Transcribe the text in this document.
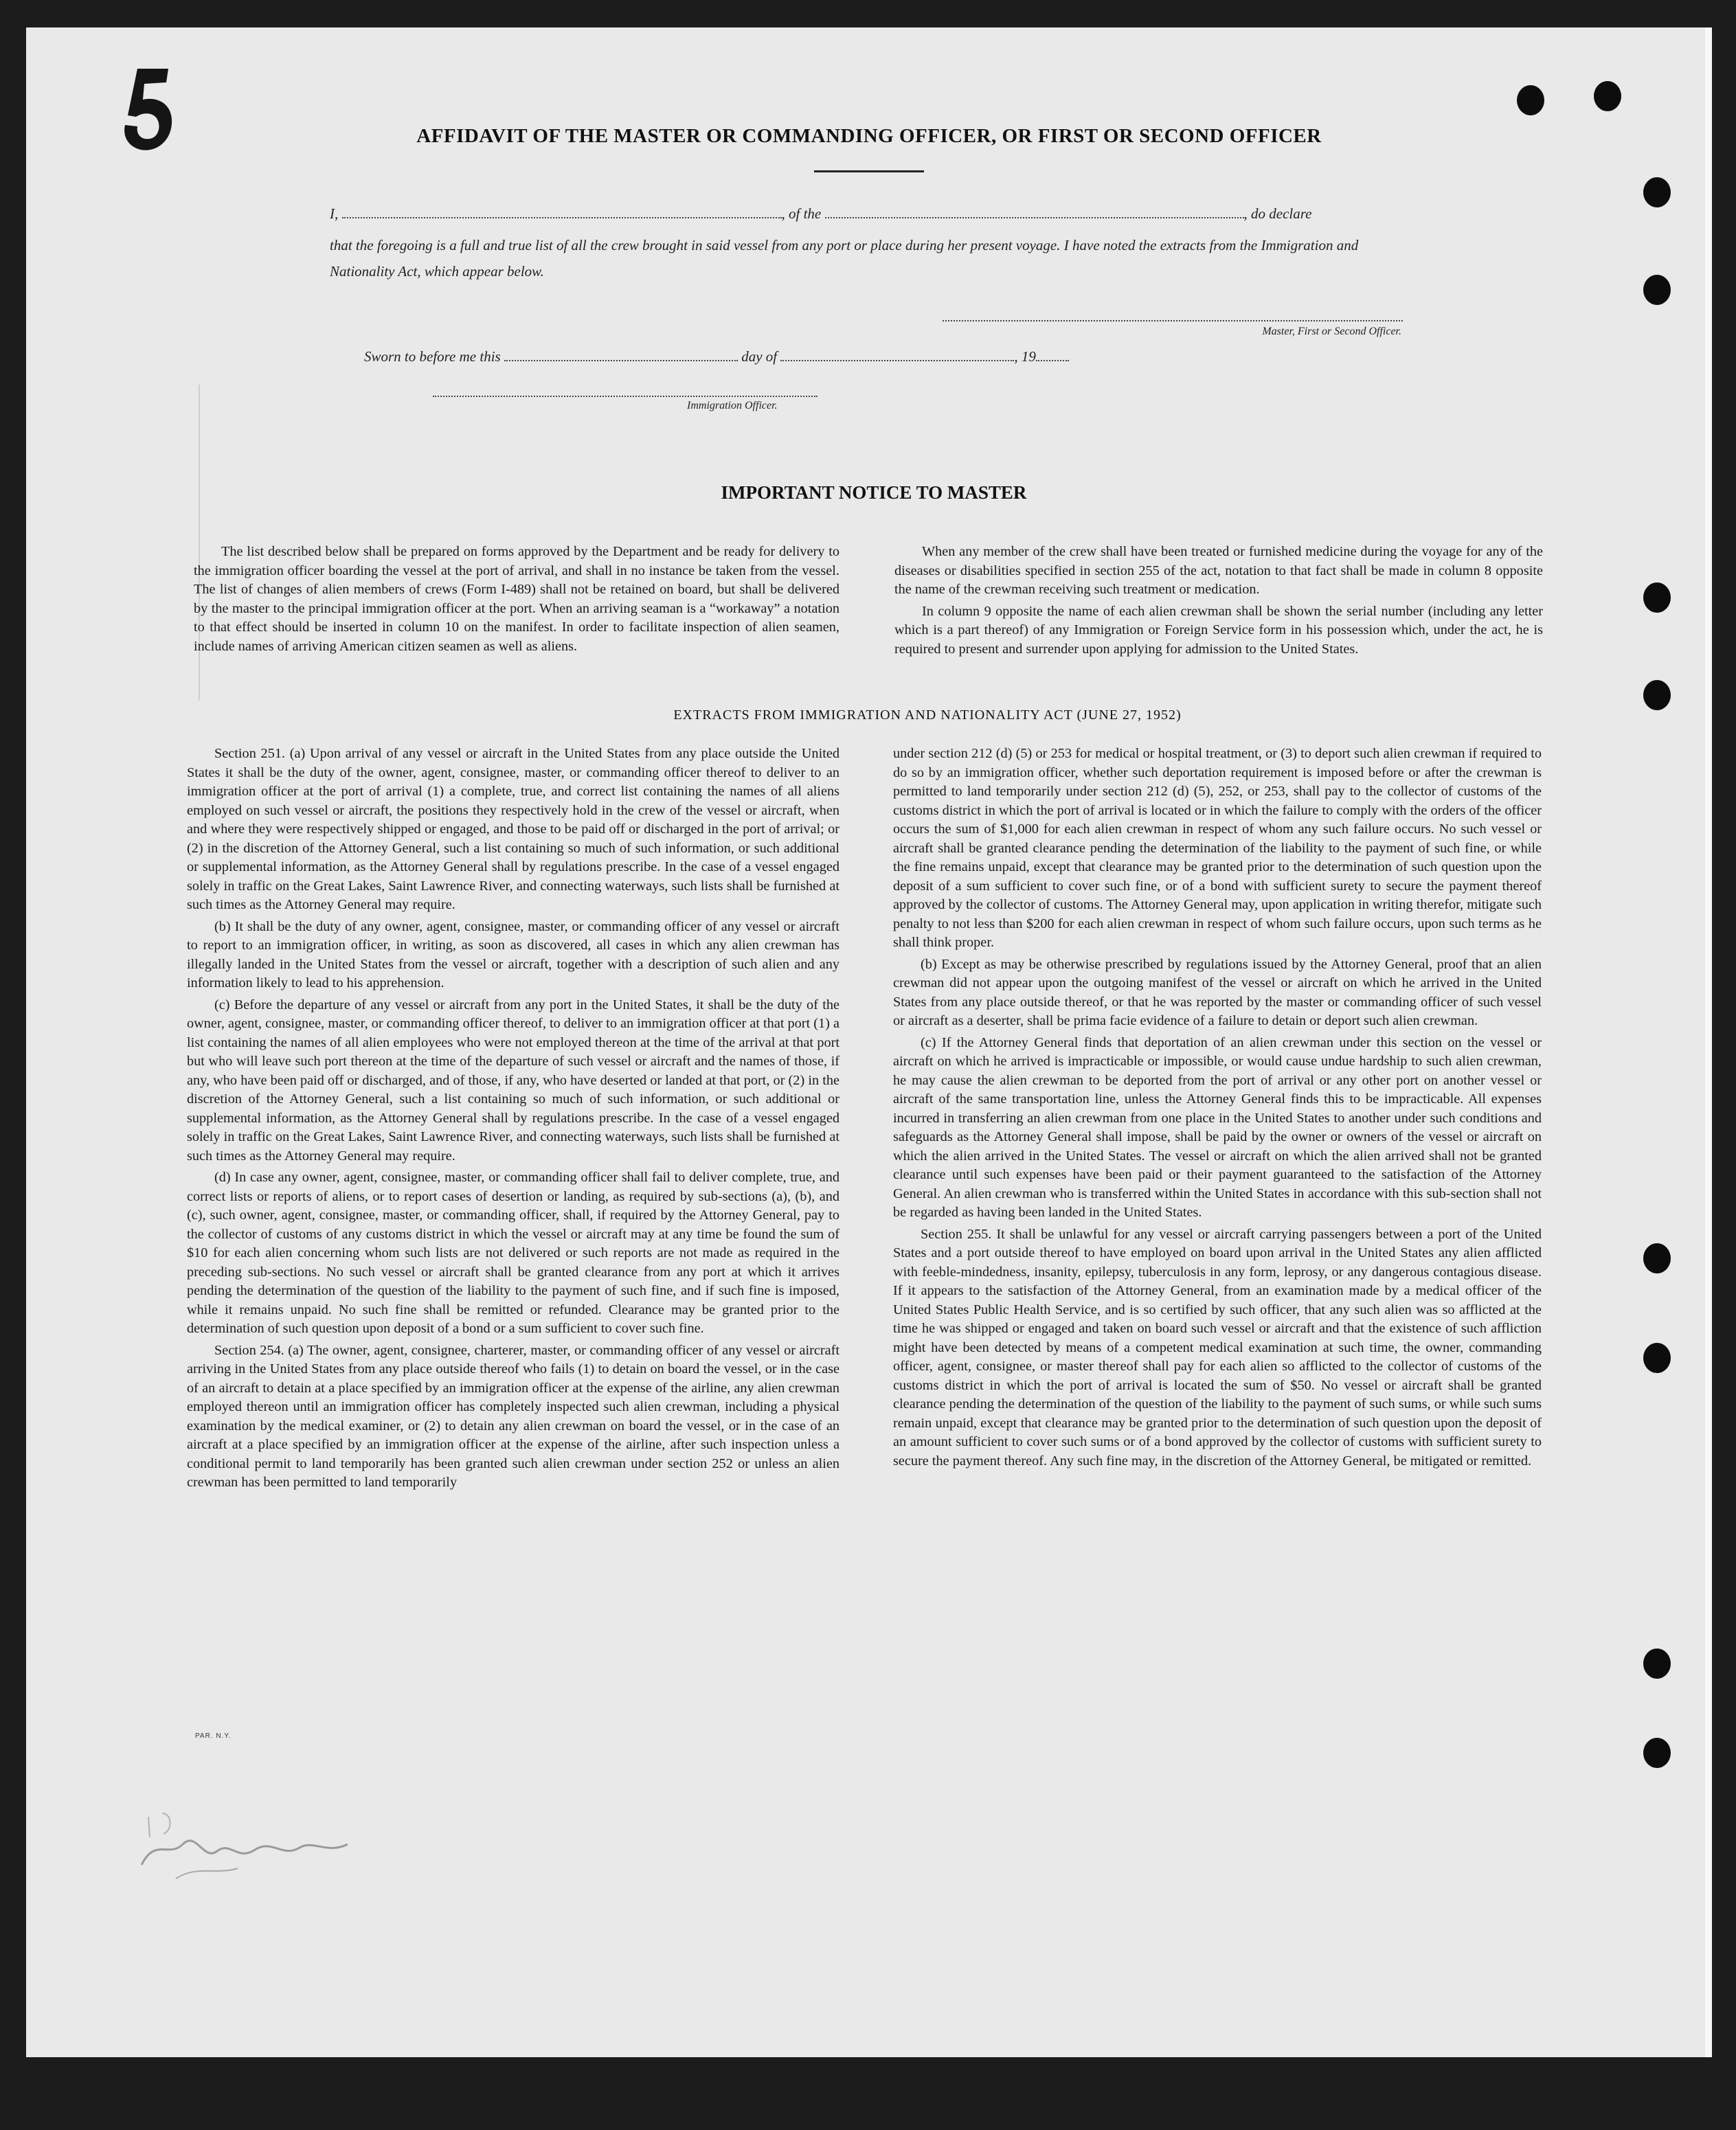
AFFIDAVIT OF THE MASTER OR COMMANDING OFFICER, OR FIRST OR SECOND OFFICER
I,	, of the	, do declare
that the foregoing is a full and true list of all the crew brought in said vessel from any port or place during her present voyage. I have noted the extracts from the Immigration and Nationality Act, which appear below.
Master, First or Second Officer.
Sworn to before me this	day of	, 19
Immigration Officer.
IMPORTANT NOTICE TO MASTER

The list described below shall be prepared on forms approved by the Department and be ready for delivery to the immigration officer boarding the vessel at the port of arrival, and shall in no instance be taken from the vessel. The list of changes of alien members of crews (Form I-489) shall not be retained on board, but shall be delivered by the master to the principal immigration officer at the port. When an arriving seaman is a “workaway” a notation to that effect should be inserted in column 10 on the manifest. In order to facilitate inspection of alien seamen, include names of arriving American citizen seamen as well as aliens.

When any member of the crew shall have been treated or furnished medicine during the voyage for any of the diseases or disabilities specified in section 255 of the act, notation to that fact shall be made in column 8 opposite the name of the crewman receiving such treatment or medication.

In column 9 opposite the name of each alien crewman shall be shown the serial number (including any letter which is a part thereof) of any Immigration or Foreign Service form in his possession which, under the act, he is required to present and surrender upon applying for admission to the United States.

EXTRACTS FROM IMMIGRATION AND NATIONALITY ACT (JUNE 27, 1952)

Section 251. (a) Upon arrival of any vessel or aircraft in the United States from any place outside the United States it shall be the duty of the owner, agent, consignee, master, or commanding officer thereof to deliver to an immigration officer at the port of arrival (1) a complete, true, and correct list containing the names of all aliens employed on such vessel or aircraft, the positions they respectively hold in the crew of the vessel or aircraft, when and where they were respectively shipped or engaged, and those to be paid off or discharged in the port of arrival; or (2) in the discretion of the Attorney General, such a list containing so much of such information, or such additional or supplemental information, as the Attorney General shall by regulations prescribe. In the case of a vessel engaged solely in traffic on the Great Lakes, Saint Lawrence River, and connecting waterways, such lists shall be furnished at such times as the Attorney General may require.

(b) It shall be the duty of any owner, agent, consignee, master, or commanding officer of any vessel or aircraft to report to an immigration officer, in writing, as soon as discovered, all cases in which any alien crewman has illegally landed in the United States from the vessel or aircraft, together with a description of such alien and any information likely to lead to his apprehension.

(c) Before the departure of any vessel or aircraft from any port in the United States, it shall be the duty of the owner, agent, consignee, master, or commanding officer thereof, to deliver to an immigration officer at that port (1) a list containing the names of all alien employees who were not employed thereon at the time of the arrival at that port but who will leave such port thereon at the time of the departure of such vessel or aircraft and the names of those, if any, who have been paid off or discharged, and of those, if any, who have deserted or landed at that port, or (2) in the discretion of the Attorney General, such a list containing so much of such information, or such additional or supplemental information, as the Attorney General shall by regulations prescribe. In the case of a vessel engaged solely in traffic on the Great Lakes, Saint Lawrence River, and connecting waterways, such lists shall be furnished at such times as the Attorney General may require.

(d) In case any owner, agent, consignee, master, or commanding officer shall fail to deliver complete, true, and correct lists or reports of aliens, or to report cases of desertion or landing, as required by sub-sections (a), (b), and (c), such owner, agent, consignee, master, or commanding officer, shall, if required by the Attorney General, pay to the collector of customs of any customs district in which the vessel or aircraft may at any time be found the sum of $10 for each alien concerning whom such lists are not delivered or such reports are not made as required in the preceding sub-sections. No such vessel or aircraft shall be granted clearance from any port at which it arrives pending the determination of the question of the liability to the payment of such fine, and if such fine is imposed, while it remains unpaid. No such fine shall be remitted or refunded. Clearance may be granted prior to the determination of such question upon deposit of a bond or a sum sufficient to cover such fine.

Section 254. (a) The owner, agent, consignee, charterer, master, or commanding officer of any vessel or aircraft arriving in the United States from any place outside thereof who fails (1) to detain on board the vessel, or in the case of an aircraft to detain at a place specified by an immigration officer at the expense of the airline, any alien crewman employed thereon until an immigration officer has completely inspected such alien crewman, including a physical examination by the medical examiner, or (2) to detain any alien crewman on board the vessel, or in the case of an aircraft at a place specified by an immigration officer at the expense of the airline, after such inspection unless a conditional permit to land temporarily has been granted such alien crewman under section 252 or unless an alien crewman has been permitted to land temporarily

under section 212 (d) (5) or 253 for medical or hospital treatment, or (3) to deport such alien crewman if required to do so by an immigration officer, whether such deportation requirement is imposed before or after the crewman is permitted to land temporarily under section 212 (d) (5), 252, or 253, shall pay to the collector of customs of the customs district in which the port of arrival is located or in which the failure to comply with the orders of the officer occurs the sum of $1,000 for each alien crewman in respect of whom any such failure occurs. No such vessel or aircraft shall be granted clearance pending the determination of the liability to the payment of such fine, or while the fine remains unpaid, except that clearance may be granted prior to the determination of such question upon the deposit of a sum sufficient to cover such fine, or of a bond with sufficient surety to secure the payment thereof approved by the collector of customs. The Attorney General may, upon application in writing therefor, mitigate such penalty to not less than $200 for each alien crewman in respect of whom such failure occurs, upon such terms as he shall think proper.

(b) Except as may be otherwise prescribed by regulations issued by the Attorney General, proof that an alien crewman did not appear upon the outgoing manifest of the vessel or aircraft on which he arrived in the United States from any place outside thereof, or that he was reported by the master or commanding officer of such vessel or aircraft as a deserter, shall be prima facie evidence of a failure to detain or deport such alien crewman.

(c) If the Attorney General finds that deportation of an alien crewman under this section on the vessel or aircraft on which he arrived is impracticable or impossible, or would cause undue hardship to such alien crewman, he may cause the alien crewman to be deported from the port of arrival or any other port on another vessel or aircraft of the same transportation line, unless the Attorney General finds this to be impracticable. All expenses incurred in transferring an alien crewman from one place in the United States to another under such conditions and safeguards as the Attorney General shall impose, shall be paid by the owner or owners of the vessel or aircraft on which the alien arrived in the United States. The vessel or aircraft on which the alien arrived shall not be granted clearance until such expenses have been paid or their payment guaranteed to the satisfaction of the Attorney General. An alien crewman who is transferred within the United States in accordance with this sub-section shall not be regarded as having been landed in the United States.

Section 255. It shall be unlawful for any vessel or aircraft carrying passengers between a port of the United States and a port outside thereof to have employed on board upon arrival in the United States any alien afflicted with feeble-mindedness, insanity, epilepsy, tuberculosis in any form, leprosy, or any dangerous contagious disease. If it appears to the satisfaction of the Attorney General, from an examination made by a medical officer of the United States Public Health Service, and is so certified by such officer, that any such alien was so afflicted at the time he was shipped or engaged and taken on board such vessel or aircraft and that the existence of such affliction might have been detected by means of a competent medical examination at such time, the owner, commanding officer, agent, consignee, or master thereof shall pay for each alien so afflicted to the collector of customs of the customs district in which the port of arrival is located the sum of $50. No vessel or aircraft shall be granted clearance pending the determination of the question of the liability to the payment of such sums, or while such sums remain unpaid, except that clearance may be granted prior to the determination of such question upon the deposit of an amount sufficient to cover such sums or of a bond approved by the collector of customs with sufficient surety to secure the payment thereof. Any such fine may, in the discretion of the Attorney General, be mitigated or remitted.

PAR. N.Y.
